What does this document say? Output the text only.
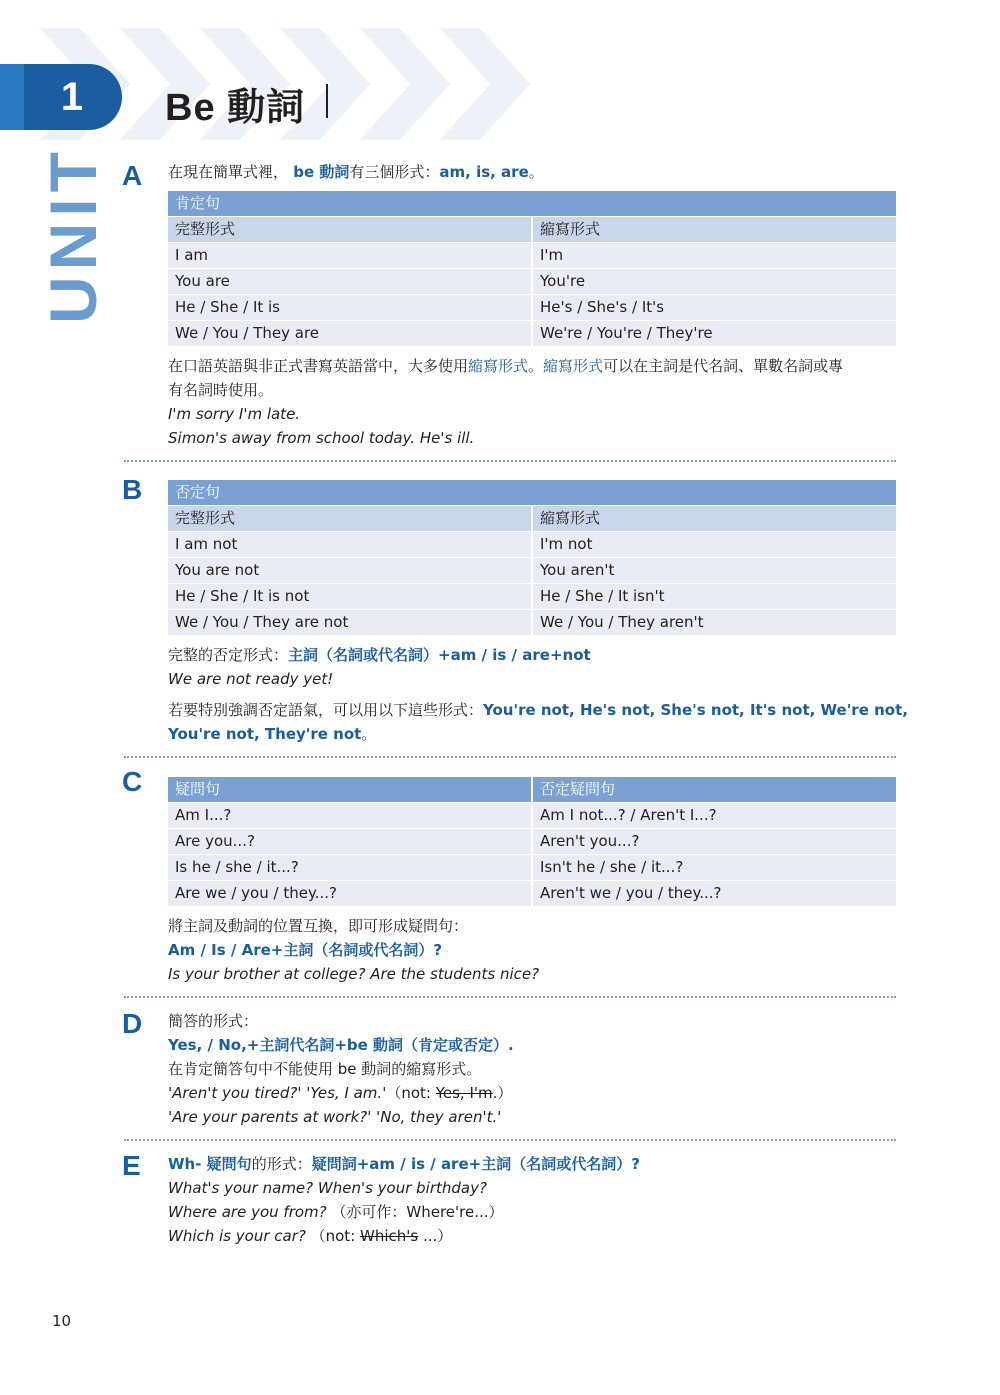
1	Be 動詞
UNIT A 在現在簡單式裡， be 動詞有三個形式：am, is, are。
肯定句
完整形式	縮寫形式
I am	I'm
You are	You're
He / She / It is	He's / She's / It's
We / You / They are	We're / You're / They're
在口語英語與非正式書寫英語當中，大多使用縮寫形式。縮寫形式可以在主詞是代名詞、單數名詞或專
有名詞時使用。
I'm sorry I'm late.
Simon's away from school today. He's ill.
B	否定句
完整形式	縮寫形式
I am not	I'm not
You are not	You aren't
He / She / It is not	He / She / It isn't
We / You / They are not	We / You / They aren't
完整的否定形式：主詞（名詞或代名詞）+am / is / are+not
We are not ready yet!
若要特別強調否定語氣，可以用以下這些形式：You're not, He's not, She's not, It's not, We're not,
You're not, They're not。
C	疑問句	否定疑問句
Am I...?	Am I not...? / Aren't I...?
Are you...?	Aren't you...?
Is he / she / it...?	Isn't he / she / it...?
Are we / you / they...?	Aren't we / you / they...?
將主詞及動詞的位置互換，即可形成疑問句：
Am / Is / Are+主詞（名詞或代名詞）?
Is your brother at college? Are the students nice?
D 簡答的形式：
Yes, / No,+主詞代名詞+be 動詞（肯定或否定）.
在肯定簡答句中不能使用 be 動詞的縮寫形式。
'Aren't you tired?' 'Yes, I am.'（not: Yes, I'm.）
'Are your parents at work?' 'No, they aren't.'
E Wh- 疑問句的形式：疑問詞+am / is / are+主詞（名詞或代名詞）?
What's your name? When's your birthday?
Where are you from? （亦可作：Where're...）
Which is your car? （not: Which's ...）
10
